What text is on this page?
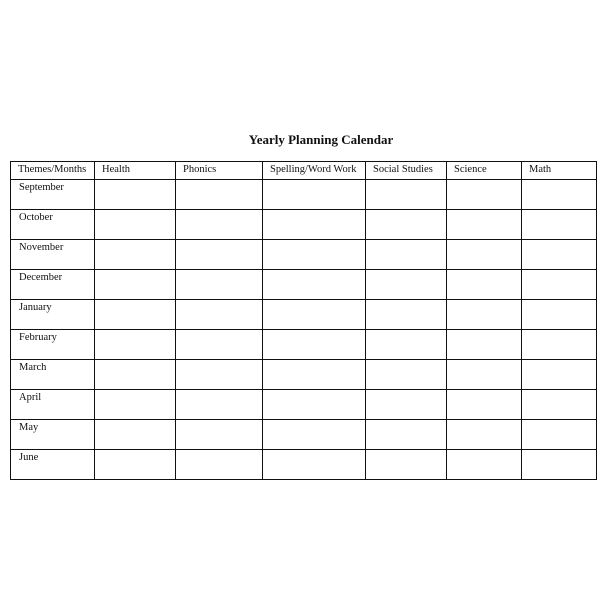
Yearly Planning Calendar
Themes/Months	Health	Phonics	Spelling/Word Work	Social Studies	Science	Math
September						
October						
November						
December						
January						
February						
March						
April						
May						
June						
